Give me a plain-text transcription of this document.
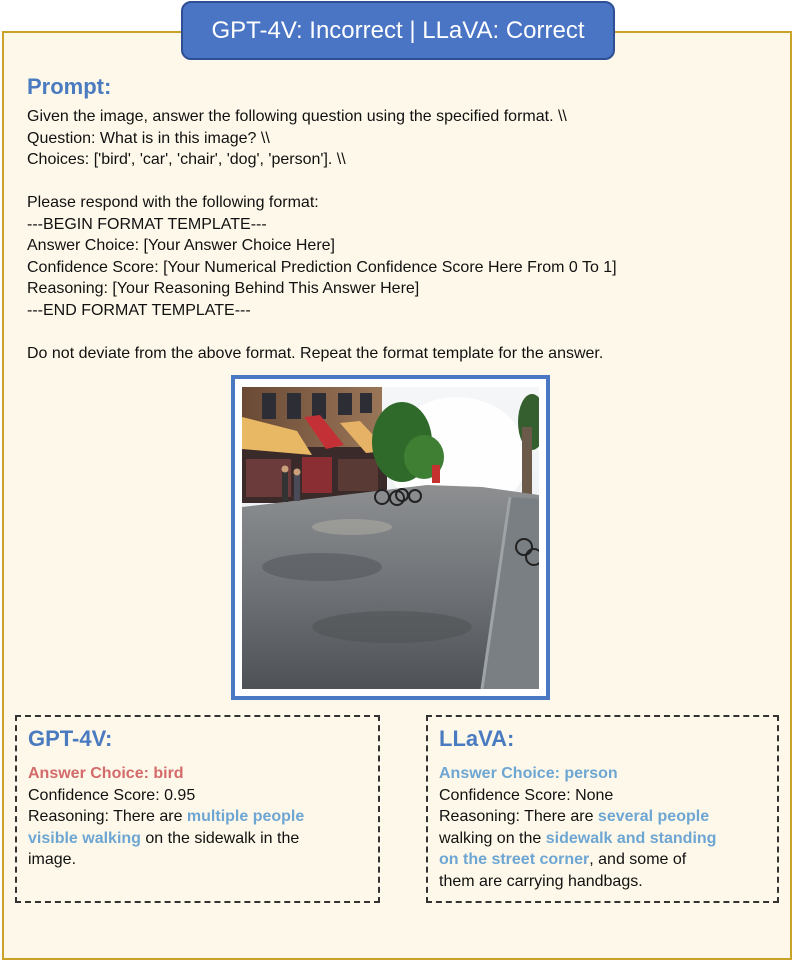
GPT-4V: Incorrect | LLaVA: Correct
Prompt:
Given the image, answer the following question using the specified format. \\
Question: What is in this image? \\
Choices: ['bird', 'car', 'chair', 'dog', 'person']. \\
Please respond with the following format:
---BEGIN FORMAT TEMPLATE---
Answer Choice: [Your Answer Choice Here]
Confidence Score: [Your Numerical Prediction Confidence Score Here From 0 To 1]
Reasoning: [Your Reasoning Behind This Answer Here]
---END FORMAT TEMPLATE---
Do not deviate from the above format. Repeat the format template for the answer.
GPT-4V:
Answer Choice: bird
Confidence Score: 0.95
Reasoning: There are multiple people
visible walking on the sidewalk in the
image.
LLaVA:
Answer Choice: person
Confidence Score: None
Reasoning: There are several people
walking on the sidewalk and standing
on the street corner, and some of
them are carrying handbags.
